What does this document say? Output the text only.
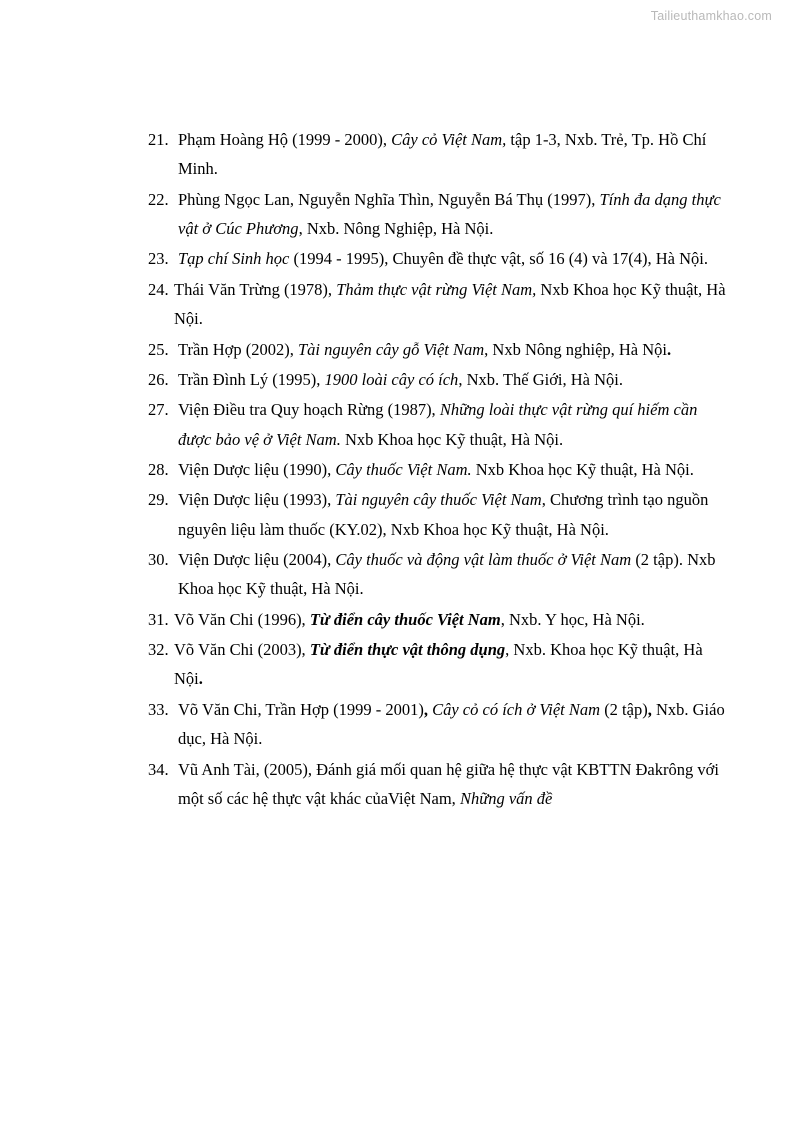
Tailieuthamkhao.com
21. Phạm Hoàng Hộ (1999 - 2000), Cây cỏ Việt Nam, tập 1-3, Nxb. Trẻ, Tp. Hồ Chí Minh.
22. Phùng Ngọc Lan, Nguyễn Nghĩa Thìn, Nguyễn Bá Thụ (1997), Tính đa dạng thực vật ở Cúc Phương, Nxb. Nông Nghiệp, Hà Nội.
23. Tạp chí Sinh học (1994 - 1995), Chuyên đề thực vật, số 16 (4) và 17(4), Hà Nội.
24. Thái Văn Trừng (1978), Thảm thực vật rừng Việt Nam, Nxb Khoa học Kỹ thuật, Hà Nội.
25. Trần Hợp (2002), Tài nguyên cây gỗ Việt Nam, Nxb Nông nghiệp, Hà Nội.
26. Trần Đình Lý (1995), 1900 loài cây có ích, Nxb. Thế Giới, Hà Nội.
27. Viện Điều tra Quy hoạch Rừng (1987), Những loài thực vật rừng quí hiếm cần được bảo vệ ở Việt Nam. Nxb Khoa học Kỹ thuật, Hà Nội.
28. Viện Dược liệu (1990), Cây thuốc Việt Nam. Nxb Khoa học Kỹ thuật, Hà Nội.
29. Viện Dược liệu (1993), Tài nguyên cây thuốc Việt Nam, Chương trình tạo nguồn nguyên liệu làm thuốc (KY.02), Nxb Khoa học Kỹ thuật, Hà Nội.
30. Viện Dược liệu (2004), Cây thuốc và động vật làm thuốc ở Việt Nam (2 tập). Nxb Khoa học Kỹ thuật, Hà Nội.
31. Võ Văn Chi (1996), Từ điển cây thuốc Việt Nam, Nxb. Y học, Hà Nội.
32. Võ Văn Chi (2003), Từ điển thực vật thông dụng, Nxb. Khoa học Kỹ thuật, Hà Nội.
33. Võ Văn Chi, Trần Hợp (1999 - 2001), Cây cỏ có ích ở Việt Nam (2 tập), Nxb. Giáo dục, Hà Nội.
34. Vũ Anh Tài, (2005), Đánh giá mối quan hệ giữa hệ thực vật KBTTN Đakrông với một số các hệ thực vật khác củaViệt Nam, Những vấn đề
